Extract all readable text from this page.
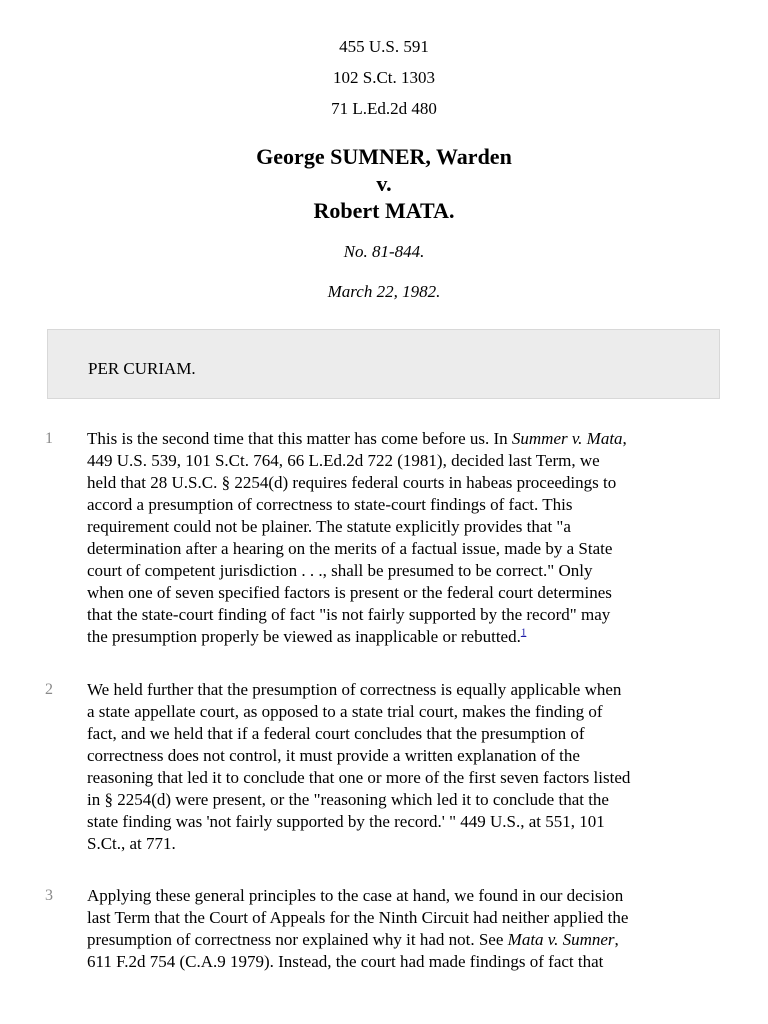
455 U.S. 591
102 S.Ct. 1303
71 L.Ed.2d 480
George SUMNER, Warden
v.
Robert MATA.
No. 81-844.
March 22, 1982.
PER CURIAM.
1 This is the second time that this matter has come before us. In Summer v. Mata,
449 U.S. 539, 101 S.Ct. 764, 66 L.Ed.2d 722 (1981), decided last Term, we
held that 28 U.S.C. § 2254(d) requires federal courts in habeas proceedings to
accord a presumption of correctness to state-court findings of fact. This
requirement could not be plainer. The statute explicitly provides that "a
determination after a hearing on the merits of a factual issue, made by a State
court of competent jurisdiction . . ., shall be presumed to be correct." Only
when one of seven specified factors is present or the federal court determines
that the state-court finding of fact "is not fairly supported by the record" may
the presumption properly be viewed as inapplicable or rebutted.$^1$
2 We held further that the presumption of correctness is equally applicable when
a state appellate court, as opposed to a state trial court, makes the finding of
fact, and we held that if a federal court concludes that the presumption of
correctness does not control, it must provide a written explanation of the
reasoning that led it to conclude that one or more of the first seven factors listed
in § 2254(d) were present, or the "reasoning which led it to conclude that the
state finding was 'not fairly supported by the record.' " 449 U.S., at 551, 101
S.Ct., at 771.
3 Applying these general principles to the case at hand, we found in our decision
last Term that the Court of Appeals for the Ninth Circuit had neither applied the
presumption of correctness nor explained why it had not. See Mata v. Sumner,
611 F.2d 754 (C.A.9 1979). Instead, the court had made findings of fact that
